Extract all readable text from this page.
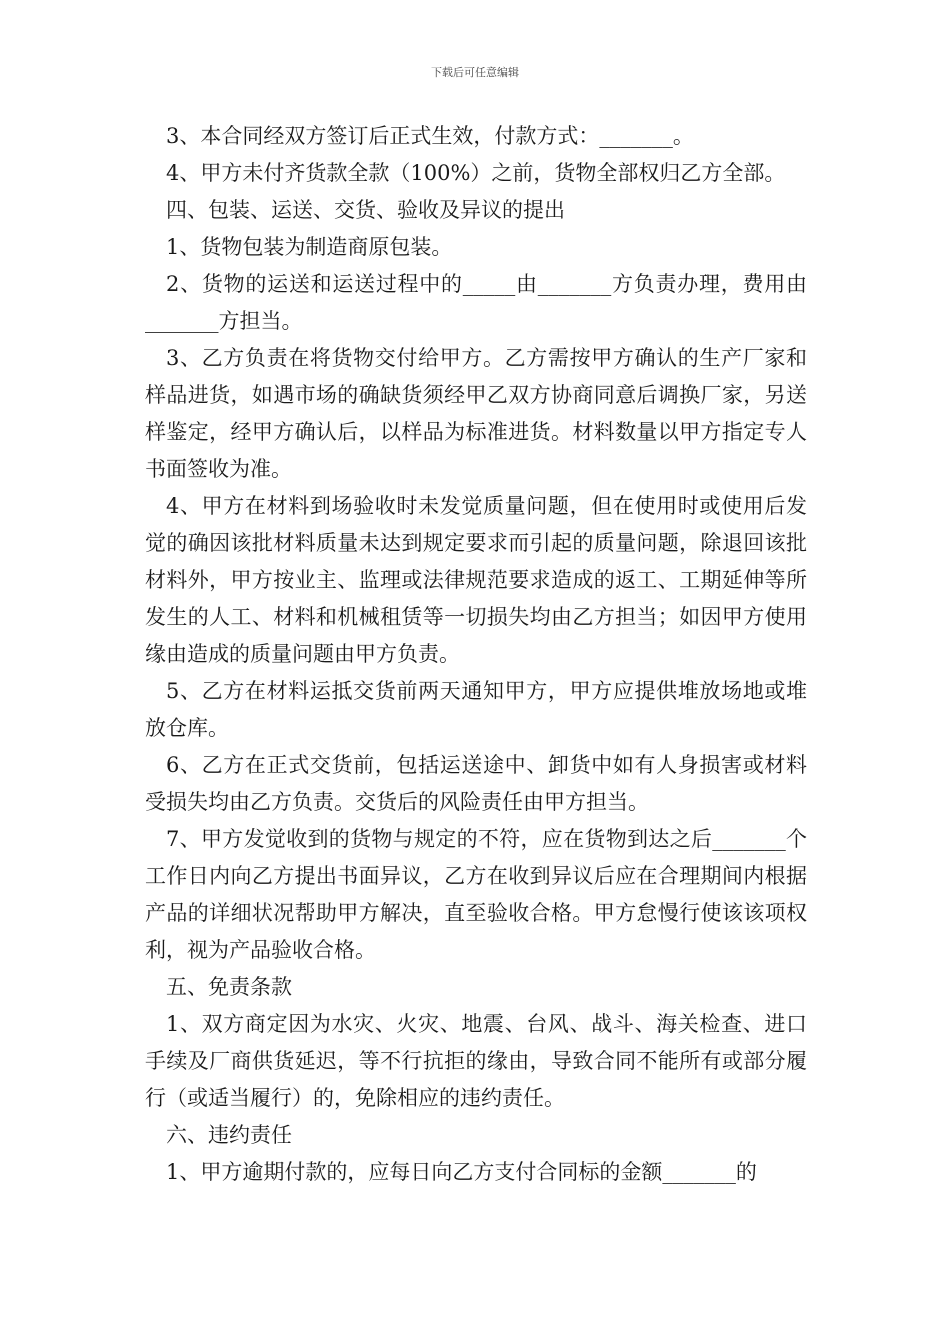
下载后可任意编辑

3、本合同经双方签订后正式生效，付款方式：_______。

4、甲方未付齐货款全款（100%）之前，货物全部权归乙方全部。

四、包装、运送、交货、验收及异议的提出

1、货物包装为制造商原包装。

2、货物的运送和运送过程中的_____由_______方负责办理，费用由_______方担当。

3、乙方负责在将货物交付给甲方。乙方需按甲方确认的生产厂家和样品进货，如遇市场的确缺货须经甲乙双方协商同意后调换厂家，另送样鉴定，经甲方确认后，以样品为标准进货。材料数量以甲方指定专人书面签收为准。

4、甲方在材料到场验收时未发觉质量问题，但在使用时或使用后发觉的确因该批材料质量未达到规定要求而引起的质量问题，除退回该批材料外，甲方按业主、监理或法律规范要求造成的返工、工期延伸等所发生的人工、材料和机械租赁等一切损失均由乙方担当；如因甲方使用缘由造成的质量问题由甲方负责。

5、乙方在材料运抵交货前两天通知甲方，甲方应提供堆放场地或堆放仓库。

6、乙方在正式交货前，包括运送途中、卸货中如有人身损害或材料受损失均由乙方负责。交货后的风险责任由甲方担当。

7、甲方发觉收到的货物与规定的不符，应在货物到达之后_______个工作日内向乙方提出书面异议，乙方在收到异议后应在合理期间内根据产品的详细状况帮助甲方解决，直至验收合格。甲方怠慢行使该该项权利，视为产品验收合格。

五、免责条款

1、双方商定因为水灾、火灾、地震、台风、战斗、海关检查、进口手续及厂商供货延迟，等不行抗拒的缘由，导致合同不能所有或部分履行（或适当履行）的，免除相应的违约责任。

六、违约责任

1、甲方逾期付款的，应每日向乙方支付合同标的金额_______的
